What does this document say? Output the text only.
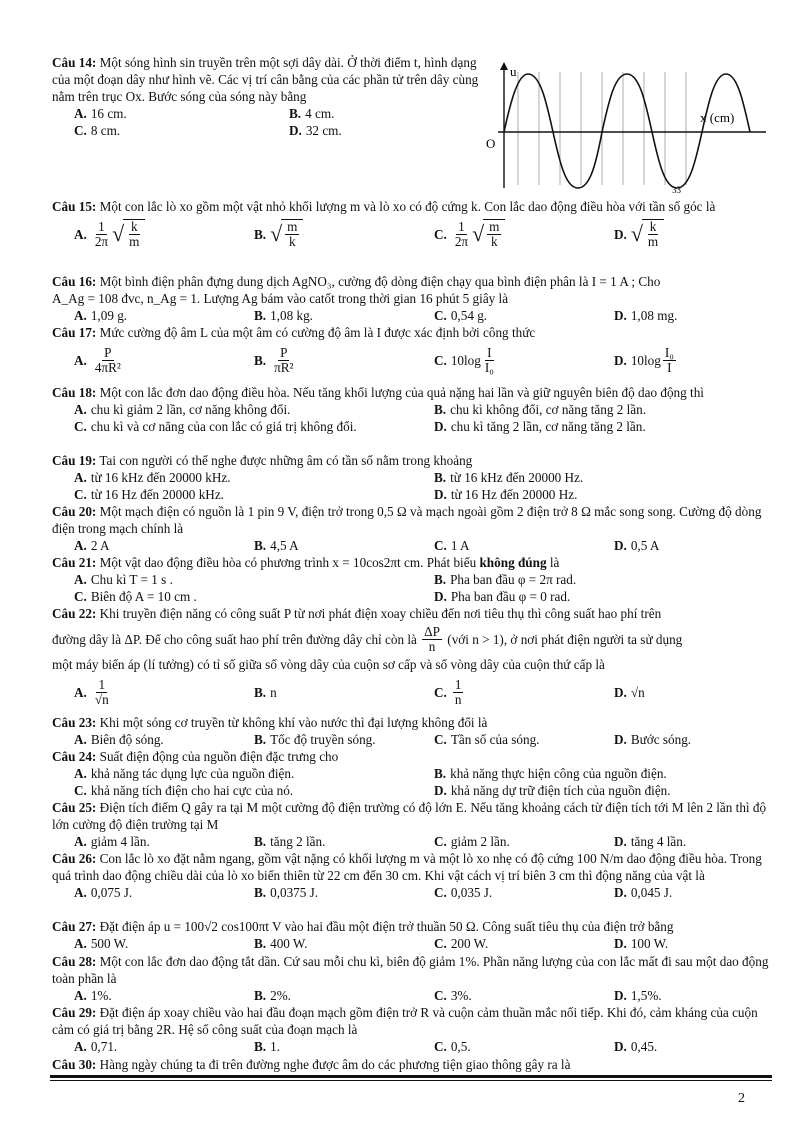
Câu 14: Một sóng hình sin truyền trên một sợi dây dài. Ở thời điểm t, hình dạng của một đoạn dây như hình vẽ. Các vị trí cân bằng của các phần tử trên dây cùng nằm trên trục Ox. Bước sóng của sóng này bằng

A. 16 cm.	B. 4 cm.
C. 8 cm.	D. 32 cm.
u
x (cm)
O
33

Câu 15: Một con lắc lò xo gồm một vật nhỏ khối lượng m và lò xo có độ cứng k. Con lắc dao động điều hòa với tần số góc là

A. $\frac{1}{2\pi}$ √ $\frac{k}{m}$	B. √ $\frac{m}{k}$	C. $\frac{1}{2\pi}$ √ $\frac{m}{k}$	D. √ $\frac{k}{m}$

Câu 16: Một bình điện phân đựng dung dịch AgNO₃, cường độ dòng điện chạy qua bình điện phân là I = 1 A ; Cho

A_Ag = 108 đvc, n_Ag = 1. Lượng Ag bám vào catốt trong thời gian 16 phút 5 giây là

A. 1,09 g.	B. 1,08 kg.	C. 0,54 g.	D. 1,08 mg.

Câu 17: Mức cường độ âm L của một âm có cường độ âm là I được xác định bởi công thức

A. $\frac{P}{\text{4πR²}}$	B. $\frac{P}{\text{πR²}}$	C. $10\log \frac{I}{\text{I₀}}$	D. $10\log \frac{\text{I₀}}{I}$

Câu 18: Một con lắc đơn dao động điều hòa. Nếu tăng khối lượng của quả nặng hai lần và giữ nguyên biên độ dao động thì

A. chu kì giảm 2 lần, cơ năng không đổi.	B. chu kì không đổi, cơ năng tăng 2 lần.
C. chu kì và cơ năng của con lắc có giá trị không đổi.	D. chu kì tăng 2 lần, cơ năng tăng 2 lần.

Câu 19: Tai con người có thể nghe được những âm có tần số nằm trong khoảng

A. từ 16 kHz đến 20000 kHz.	B. từ 16 kHz đến 20000 Hz.
C. từ 16 Hz đến 20000 kHz.	D. từ 16 Hz đến 20000 Hz.

Câu 20: Một mạch điện có nguồn là 1 pin 9 V, điện trở trong 0,5 Ω và mạch ngoài gồm 2 điện trở 8 Ω mắc song song. Cường độ dòng điện trong mạch chính là

A. 2 A	B. 4,5 A	C. 1 A	D. 0,5 A

Câu 21: Một vật dao động điều hòa có phương trình x = 10cos2πt cm. Phát biểu không đúng là

A. Chu kì T = 1 s .	B. Pha ban đầu φ = 2π rad.
C. Biên độ A = 10 cm .	D. Pha ban đầu φ = 0 rad.

Câu 22: Khi truyền điện năng có công suất P từ nơi phát điện xoay chiều đến nơi tiêu thụ thì công suất hao phí trên

đường dây là ΔP. Để cho công suất hao phí trên đường dây chỉ còn là
$\frac{\Delta P}{n}$
(với n > 1), ở nơi phát điện người ta sử dụng

một máy biến áp (lí tưởng) có tỉ số giữa số vòng dây của cuộn sơ cấp và số vòng dây của cuộn thứ cấp là

A. $\frac{1}{√n}$	B. n	C. $\frac{1}{n}$	D. √n

Câu 23: Khi một sóng cơ truyền từ không khí vào nước thì đại lượng không đổi là

A. Biên độ sóng.	B. Tốc độ truyền sóng.	C. Tần số của sóng.	D. Bước sóng.

Câu 24: Suất điện động của nguồn điện đặc trưng cho

A. khả năng tác dụng lực của nguồn điện.	B. khả năng thực hiện công của nguồn điện.
C. khả năng tích điện cho hai cực của nó.	D. khả năng dự trữ điện tích của nguồn điện.

Câu 25: Điện tích điểm Q gây ra tại M một cường độ điện trường có độ lớn E. Nếu tăng khoảng cách từ điện tích tới M lên 2 lần thì độ lớn cường độ điện trường tại M

A. giảm 4 lần.	B. tăng 2 lần.	C. giảm 2 lần.	D. tăng 4 lần.

Câu 26: Con lắc lò xo đặt nằm ngang, gồm vật nặng có khối lượng m và một lò xo nhẹ có độ cứng 100 N/m dao động điều hòa. Trong quá trình dao động chiều dài của lò xo biến thiên từ 22 cm đến 30 cm. Khi vật cách vị trí biên 3 cm thì động năng của vật là

A. 0,075 J.	B. 0,0375 J.	C. 0,035 J.	D. 0,045 J.

Câu 27: Đặt điện áp u = 100√2 cos100πt V vào hai đầu một điện trở thuần 50 Ω. Công suất tiêu thụ của điện trở bằng

A. 500 W.	B. 400 W.	C. 200 W.	D. 100 W.

Câu 28: Một con lắc đơn dao động tắt dần. Cứ sau mỗi chu kì, biên độ giảm 1%. Phần năng lượng của con lắc mất đi sau một dao động toàn phần là

A. 1%.	B. 2%.	C. 3%.	D. 1,5%.

Câu 29: Đặt điện áp xoay chiều vào hai đầu đoạn mạch gồm điện trở R và cuộn cảm thuần mắc nối tiếp. Khi đó, cảm kháng của cuộn cảm có giá trị bằng 2R. Hệ số công suất của đoạn mạch là

A. 0,71.	B. 1.	C. 0,5.	D. 0,45.

Câu 30: Hàng ngày chúng ta đi trên đường nghe được âm do các phương tiện giao thông gây ra là

2
